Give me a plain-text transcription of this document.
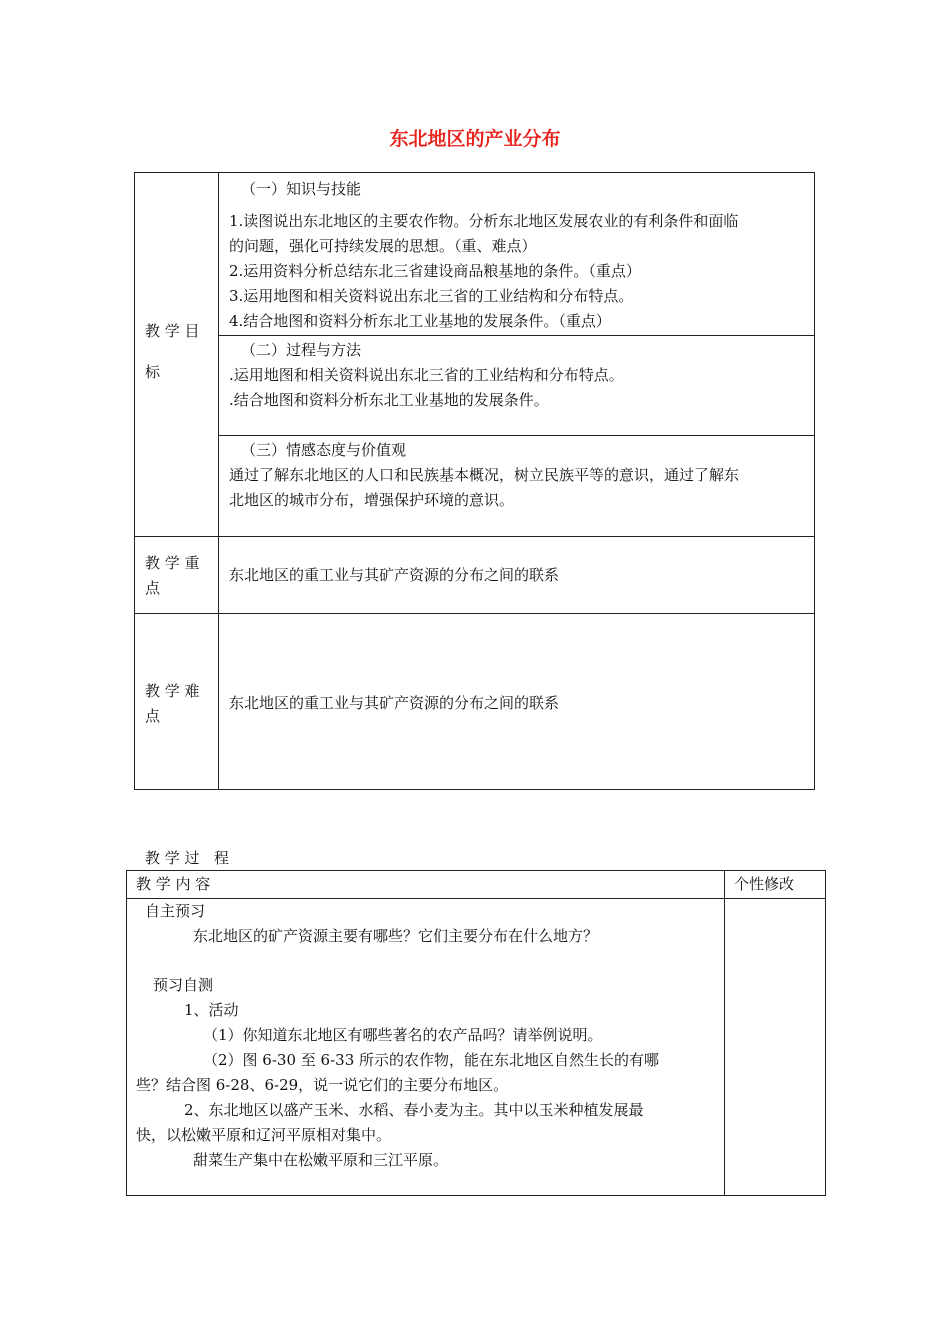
东北地区的产业分布
教 学 目
标
（一）知识与技能
1.读图说出东北地区的主要农作物。分析东北地区发展农业的有利条件和面临
的问题，强化可持续发展的思想。（重、难点）
2.运用资料分析总结东北三省建设商品粮基地的条件。（重点）
3.运用地图和相关资料说出东北三省的工业结构和分布特点。
4.结合地图和资料分析东北工业基地的发展条件。（重点）
（二）过程与方法
.运用地图和相关资料说出东北三省的工业结构和分布特点。
.结合地图和资料分析东北工业基地的发展条件。
（三）情感态度与价值观
通过了解东北地区的人口和民族基本概况，树立民族平等的意识，通过了解东
北地区的城市分布，增强保护环境的意识。
教 学 重
点
东北地区的重工业与其矿产资源的分布之间的联系
教 学 难
点
东北地区的重工业与其矿产资源的分布之间的联系
教 学 过   程
教 学 内 容	个性修改
自主预习
东北地区的矿产资源主要有哪些？它们主要分布在什么地方？
预习自测
1、活动
（1）你知道东北地区有哪些著名的农产品吗？请举例说明。
（2）图 6-30 至 6-33 所示的农作物，能在东北地区自然生长的有哪
些？结合图 6-28、6-29，说一说它们的主要分布地区。
2、东北地区以盛产玉米、水稻、春小麦为主。其中以玉米种植发展最
快，以松嫩平原和辽河平原相对集中。
甜菜生产集中在松嫩平原和三江平原。
